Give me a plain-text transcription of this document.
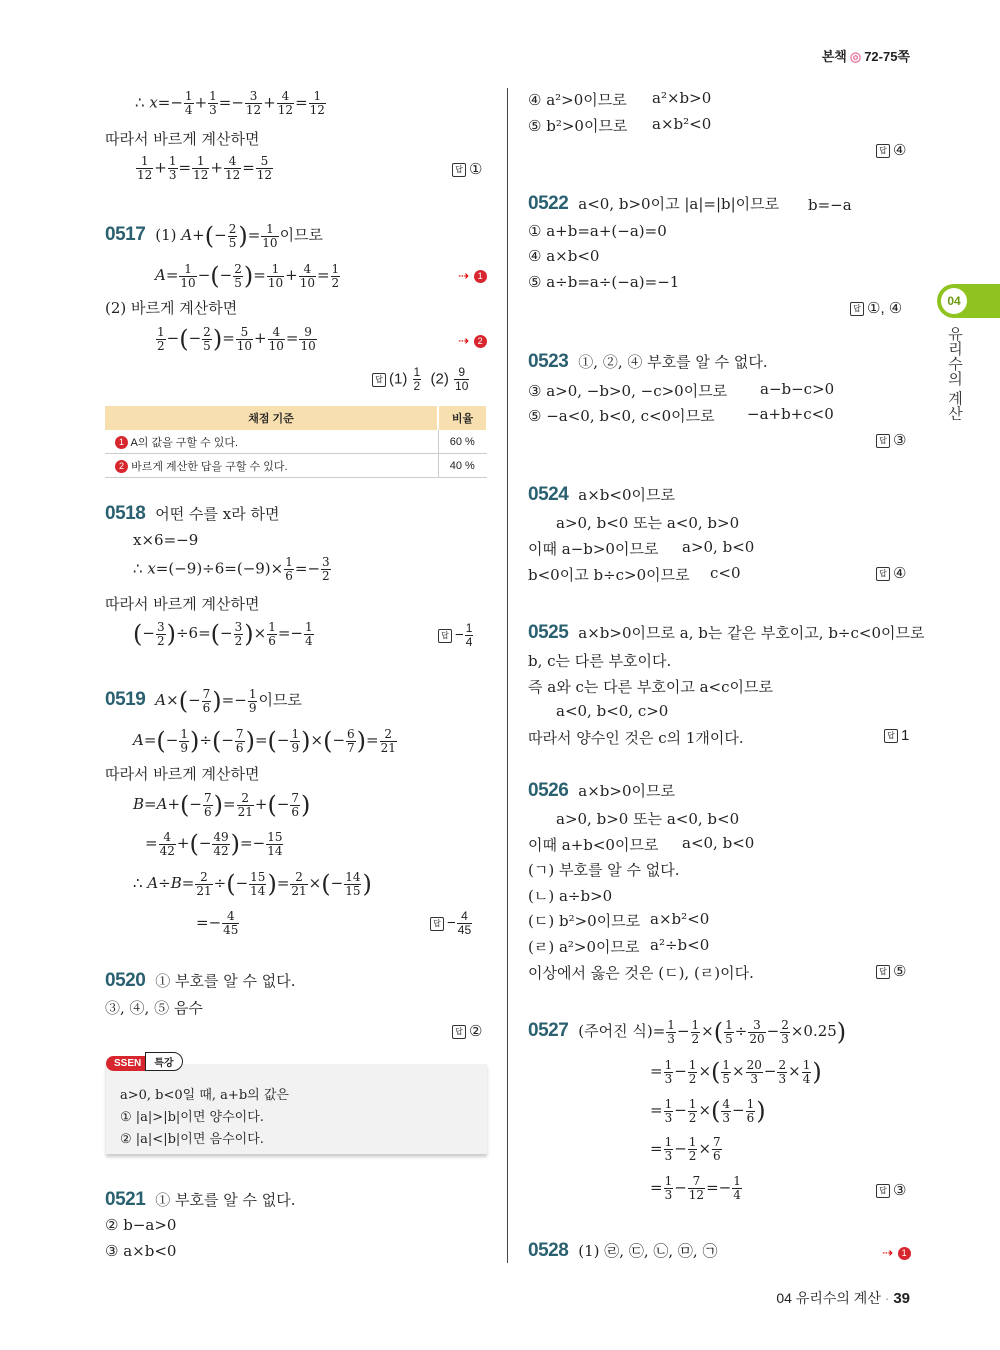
본책 ◎ 72-75쪽
∴ $x=- \frac{1}{4} + \frac{1}{3} =- \frac{3}{12} + \frac{4}{12} = \frac{1}{12}$
따라서 바르게 계산하면
$\frac{1}{12} + \frac{1}{3} = \frac{1}{12} + \frac{4}{12} = \frac{5}{12}$	답 ①
0517 (1) $A+(- \frac{2}{5}$ )= $\frac{1}{10}$ 이므로
$A= \frac{1}{10}$ −(− $\frac{2}{5}$ )= $\frac{1}{10} + \frac{4}{10} = \frac{1}{2}$	⇢ 1
(2) 바르게 계산하면
$\frac{1}{2}$ −(− $\frac{2}{5}$ )= $\frac{5}{10} + \frac{4}{10} = \frac{9}{10}$	⇢ 2
답 $(1) \frac{1}{2} (2) \frac{9}{10}$
채점 기준	비율
1 A의 값을 구할 수 있다.	60 %
2 바르게 계산한 답을 구할 수 있다.	40 %
0518 어떤 수를 x라 하면
x×6=−9
∴ $x=(-9)\div 6=(-9)\times \frac{1}{6} =- \frac{3}{2}$
따라서 바르게 계산하면
(− $\frac{3}{2} )\div 6=(- \frac{3}{2}$ )× $\frac{1}{6} =- \frac{1}{4}$	답 − $\frac{1}{4}$
0519 $A\times(- \frac{7}{6}$ )=− $\frac{1}{9}$ 이므로
$A=(- \frac{1}{9}$ )÷(− $\frac{7}{6}$ )=(− $\frac{1}{9}$ )×(− $\frac{6}{7}$ )= $\frac{2}{21}$
따라서 바르게 계산하면
$B=A+(- \frac{7}{6}$ )= $\frac{2}{21}$ +(− $\frac{7}{6}$ )
= $\frac{4}{42}$ +(− $\frac{49}{42}$ )=− $\frac{15}{14}$
∴ $A\div B= \frac{2}{21}$ ÷(− $\frac{15}{14}$ )= $\frac{2}{21}$ ×(− $\frac{14}{15}$ )
=− $\frac{4}{45}$	답 − $\frac{4}{45}$
0520 ① 부호를 알 수 없다.
③, ④, ⑤ 음수
답 ②
SSEN 특강
a>0, b<0일 때, a+b의 값은
① |a|>|b|이면 양수이다.
② |a|<|b|이면 음수이다.
0521 ① 부호를 알 수 없다.
② b−a>0
③ a×b<0
④ a²>0이므로 a²×b>0
⑤ b²>0이므로 a×b²<0
답 ④
0522 a<0, b>0이고 |a|=|b|이므로 b=−a
① a+b=a+(−a)=0
④ a×b<0
⑤ a÷b=a÷(−a)=−1
답 ①, ④
0523 ①, ②, ④ 부호를 알 수 없다.
③ a>0, −b>0, −c>0이므로 a−b−c>0
⑤ −a<0, b<0, c<0이므로 −a+b+c<0
답 ③
0524 a×b<0이므로
a>0, b<0 또는 a<0, b>0
이때 a−b>0이므로 a>0, b<0
b<0이고 b÷c>0이므로 c<0	답 ④
0525 a×b>0이므로 a, b는 같은 부호이고, b÷c<0이므로
b, c는 다른 부호이다.
즉 a와 c는 다른 부호이고 a<c이므로
a<0, b<0, c>0
따라서 양수인 것은 c의 1개이다.	답 1
0526 a×b>0이므로
a>0, b>0 또는 a<0, b<0
이때 a+b<0이므로 a<0, b<0
(ㄱ) 부호를 알 수 없다.
(ㄴ) a÷b>0
(ㄷ) b²>0이므로 a×b²<0
(ㄹ) a²>0이므로 a²÷b<0
이상에서 옳은 것은 (ㄷ), (ㄹ)이다.	답 ⑤
0527 (주어진 식)= $\frac{1}{3} - \frac{1}{2}$ ×( $\frac{1}{5} \div \frac{3}{20} - \frac{2}{3} \times 0.25$)
= $\frac{1}{3} - \frac{1}{2}$ ×( $\frac{1}{5} \times \frac{20}{3} - \frac{2}{3} \times \frac{1}{4}$ )
= $\frac{1}{3} - \frac{1}{2}$ ×( $\frac{4}{3} - \frac{1}{6}$ )
= $\frac{1}{3} - \frac{1}{2} \times \frac{7}{6}$
= $\frac{1}{3} - \frac{7}{12} =- \frac{1}{4}$	답 ③
0528 (1) ㉣, ㉢, ㉡, ㉤, ㉠	⇢ 1
04
유리수의 계산
04 유리수의 계산 · 39
